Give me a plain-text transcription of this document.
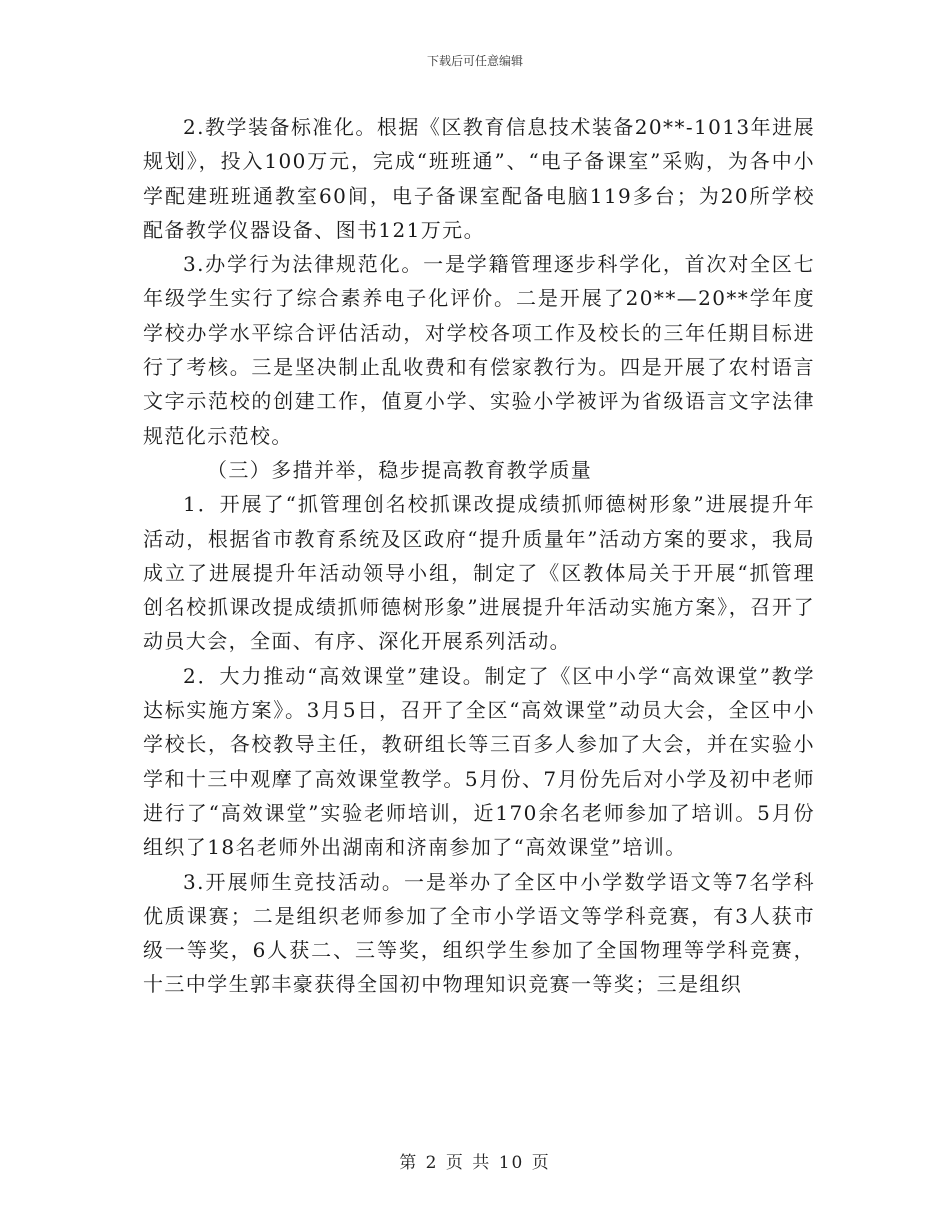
下载后可任意编辑

2.教学装备标准化。根据《区教育信息技术装备20**-1013年进展规划》，投入100万元，完成“班班通”、“电子备课室”采购，为各中小学配建班班通教室60间，电子备课室配备电脑119多台；为20所学校配备教学仪器设备、图书121万元。

3.办学行为法律规范化。一是学籍管理逐步科学化，首次对全区七年级学生实行了综合素养电子化评价。二是开展了20**—20**学年度学校办学水平综合评估活动，对学校各项工作及校长的三年任期目标进行了考核。三是坚决制止乱收费和有偿家教行为。四是开展了农村语言文字示范校的创建工作，值夏小学、实验小学被评为省级语言文字法律规范化示范校。

（三）多措并举，稳步提高教育教学质量

1．开展了“抓管理创名校抓课改提成绩抓师德树形象”进展提升年活动，根据省市教育系统及区政府“提升质量年”活动方案的要求，我局成立了进展提升年活动领导小组，制定了《区教体局关于开展“抓管理创名校抓课改提成绩抓师德树形象”进展提升年活动实施方案》，召开了动员大会，全面、有序、深化开展系列活动。

2．大力推动“高效课堂”建设。制定了《区中小学“高效课堂”教学达标实施方案》。3月5日，召开了全区“高效课堂”动员大会，全区中小学校长，各校教导主任，教研组长等三百多人参加了大会，并在实验小学和十三中观摩了高效课堂教学。5月份、7月份先后对小学及初中老师进行了“高效课堂”实验老师培训，近170余名老师参加了培训。5月份组织了18名老师外出湖南和济南参加了“高效课堂”培训。

3.开展师生竞技活动。一是举办了全区中小学数学语文等7名学科优质课赛；二是组织老师参加了全市小学语文等学科竞赛，有3人获市级一等奖，6人获二、三等奖，组织学生参加了全国物理等学科竞赛，十三中学生郭丰豪获得全国初中物理知识竞赛一等奖；三是组织

第 2 页 共 10 页
